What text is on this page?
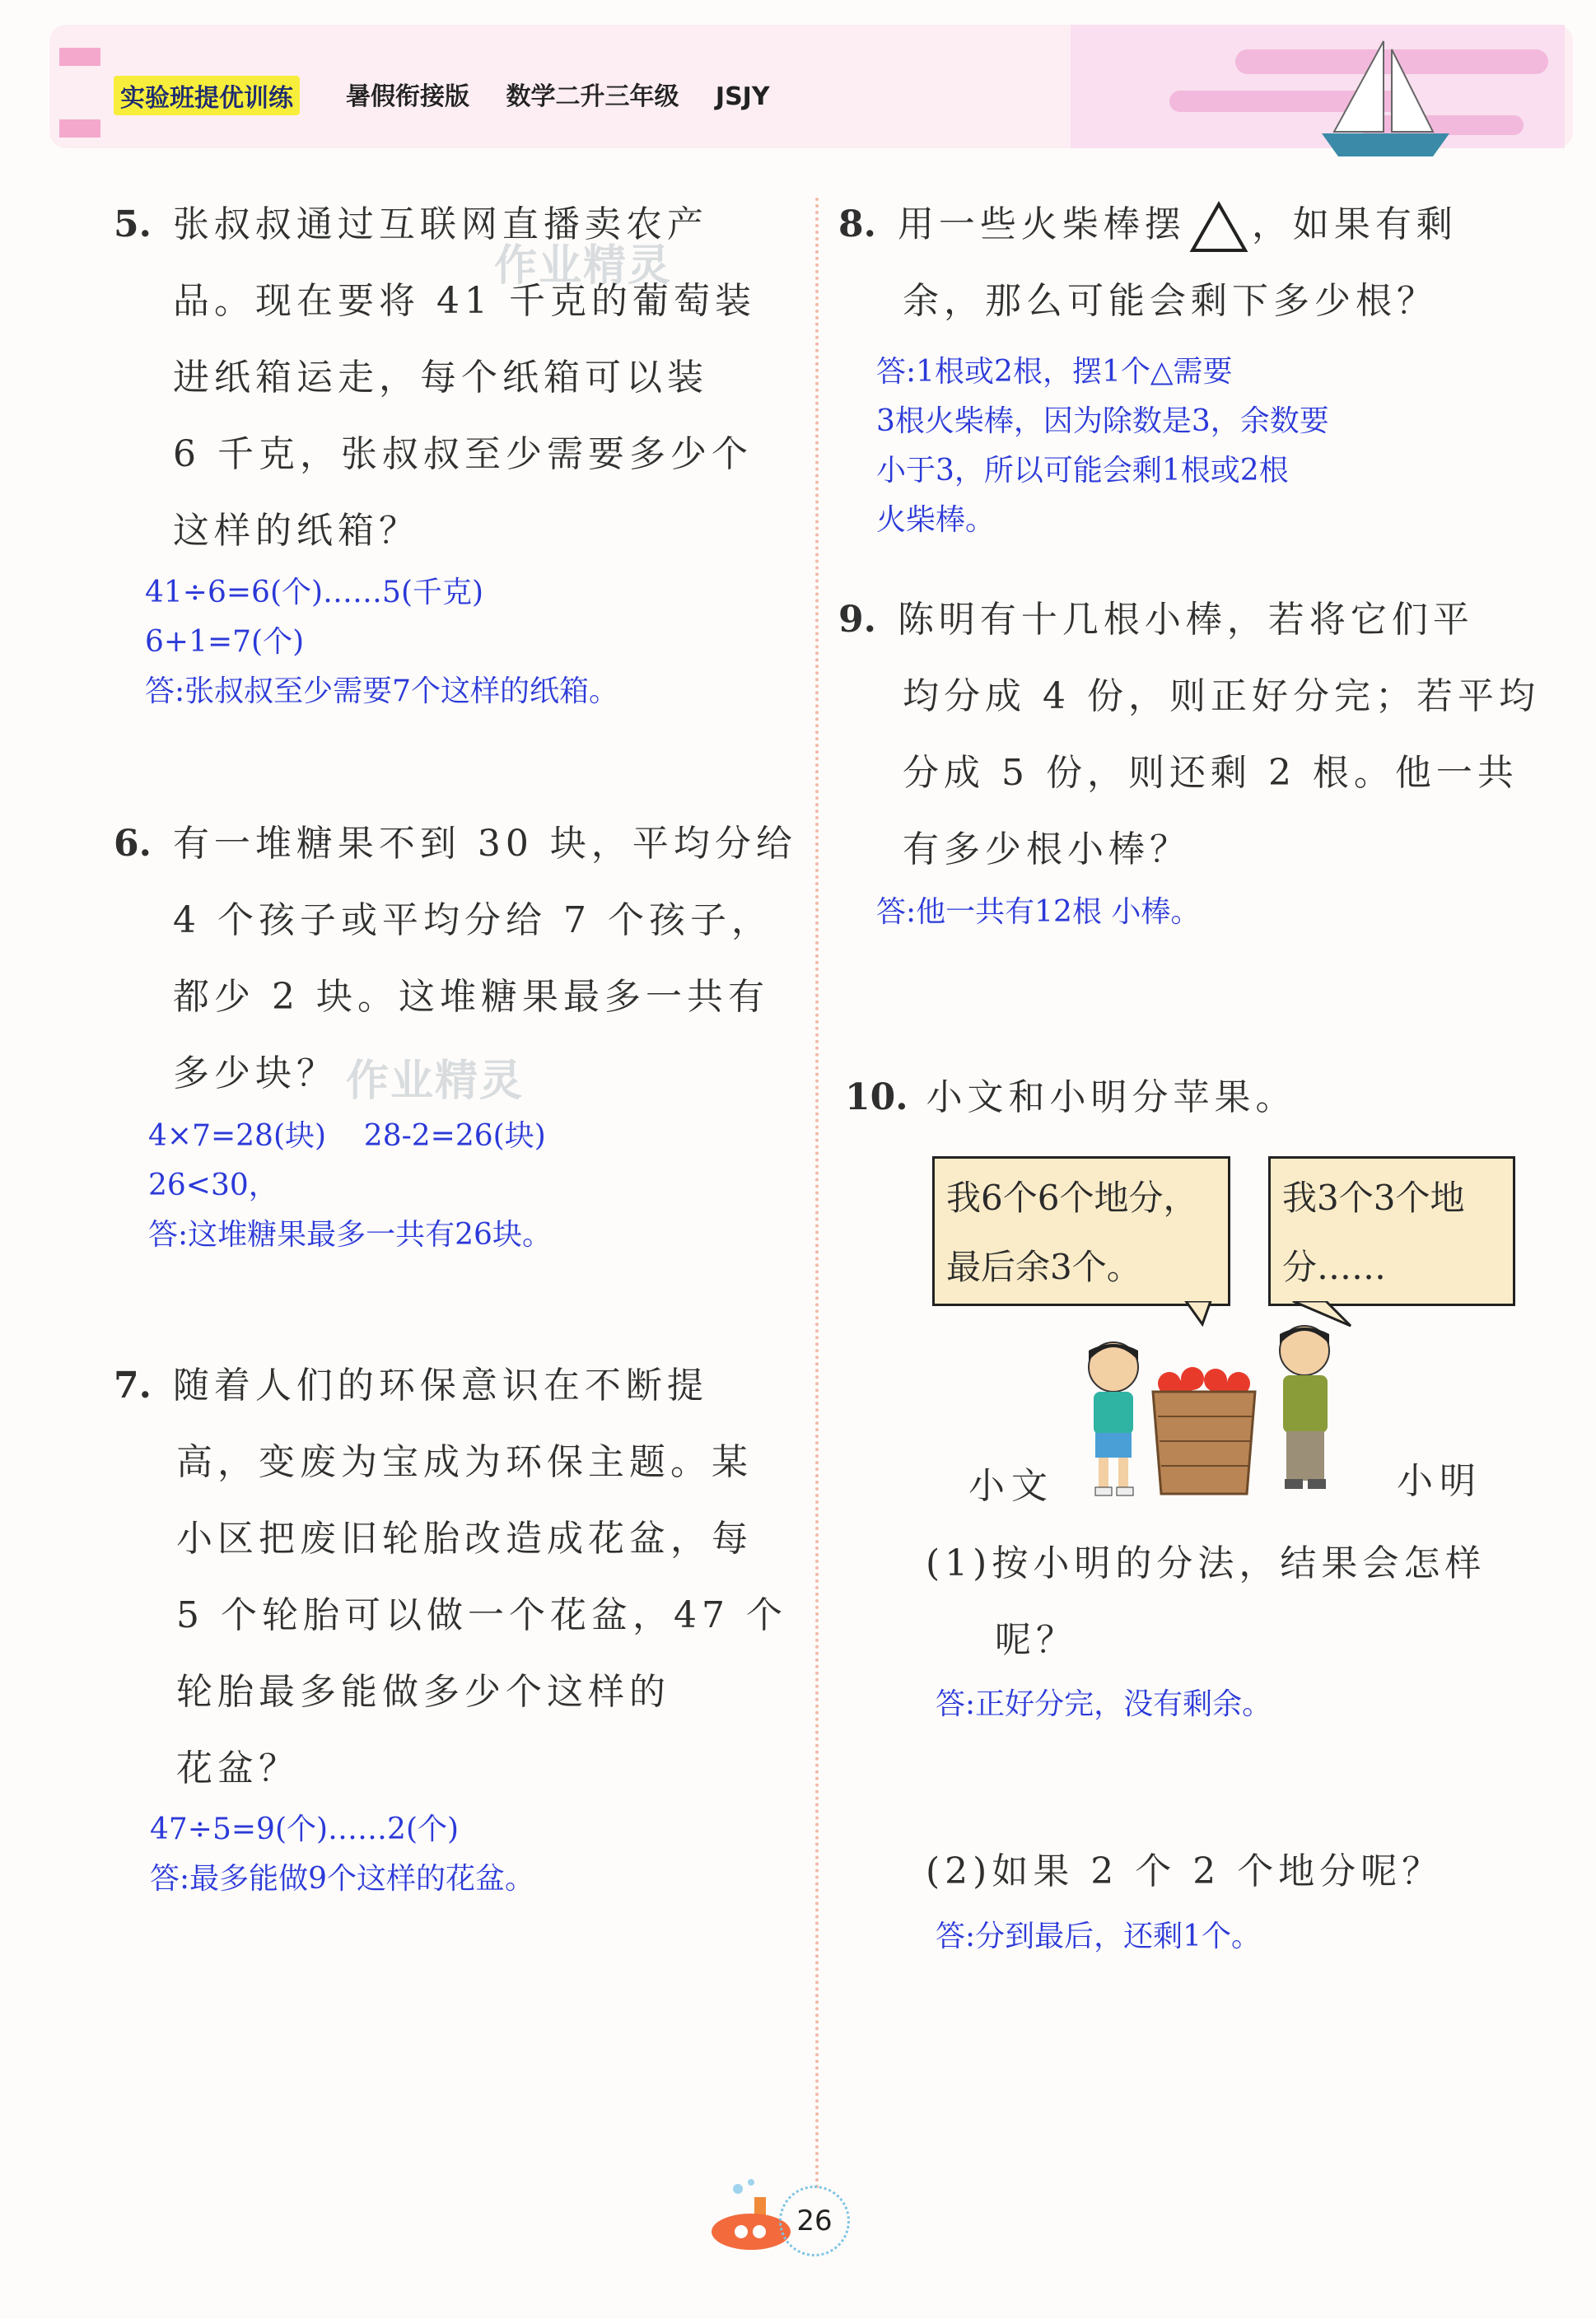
实验班提优训练 暑假衔接版 数学二升三年级 JSJY
5. 张叔叔通过互联网直播卖农产
品。现在要将 41 千克的葡萄装
进纸箱运走，每个纸箱可以装
6 千克，张叔叔至少需要多少个
这样的纸箱？
作业精灵
41÷6=6(个)……5(千克)
6+1=7(个)
答:张叔叔至少需要7个这样的纸箱。
6. 有一堆糖果不到 30 块，平均分给
4 个孩子或平均分给 7 个孩子，
都少 2 块。这堆糖果最多一共有
多少块？ 作业精灵
4×7=28(块)    28-2=26(块)
26<30，
答:这堆糖果最多一共有26块。
7. 随着人们的环保意识在不断提
高，变废为宝成为环保主题。某
小区把废旧轮胎改造成花盆，每
5 个轮胎可以做一个花盆，47 个
轮胎最多能做多少个这样的
花盆？
47÷5=9(个)……2(个)
答:最多能做9个这样的花盆。
8. 用一些火柴棒摆 ，如果有剩
余，那么可能会剩下多少根？
答:1根或2根，摆1个△需要
3根火柴棒，因为除数是3，余数要
小于3，所以可能会剩1根或2根
火柴棒。
9. 陈明有十几根小棒，若将它们平
均分成 4 份，则正好分完；若平均
分成 5 份，则还剩 2 根。他一共
有多少根小棒？
答:他一共有12根 小棒。
10. 小文和小明分苹果。
我6个6个地分，
最后余3个。
我3个3个地
分……
小文	小明
(1)按小明的分法，结果会怎样
呢？
答:正好分完，没有剩余。
(2)如果 2 个 2 个地分呢？
答:分到最后，还剩1个。
26
